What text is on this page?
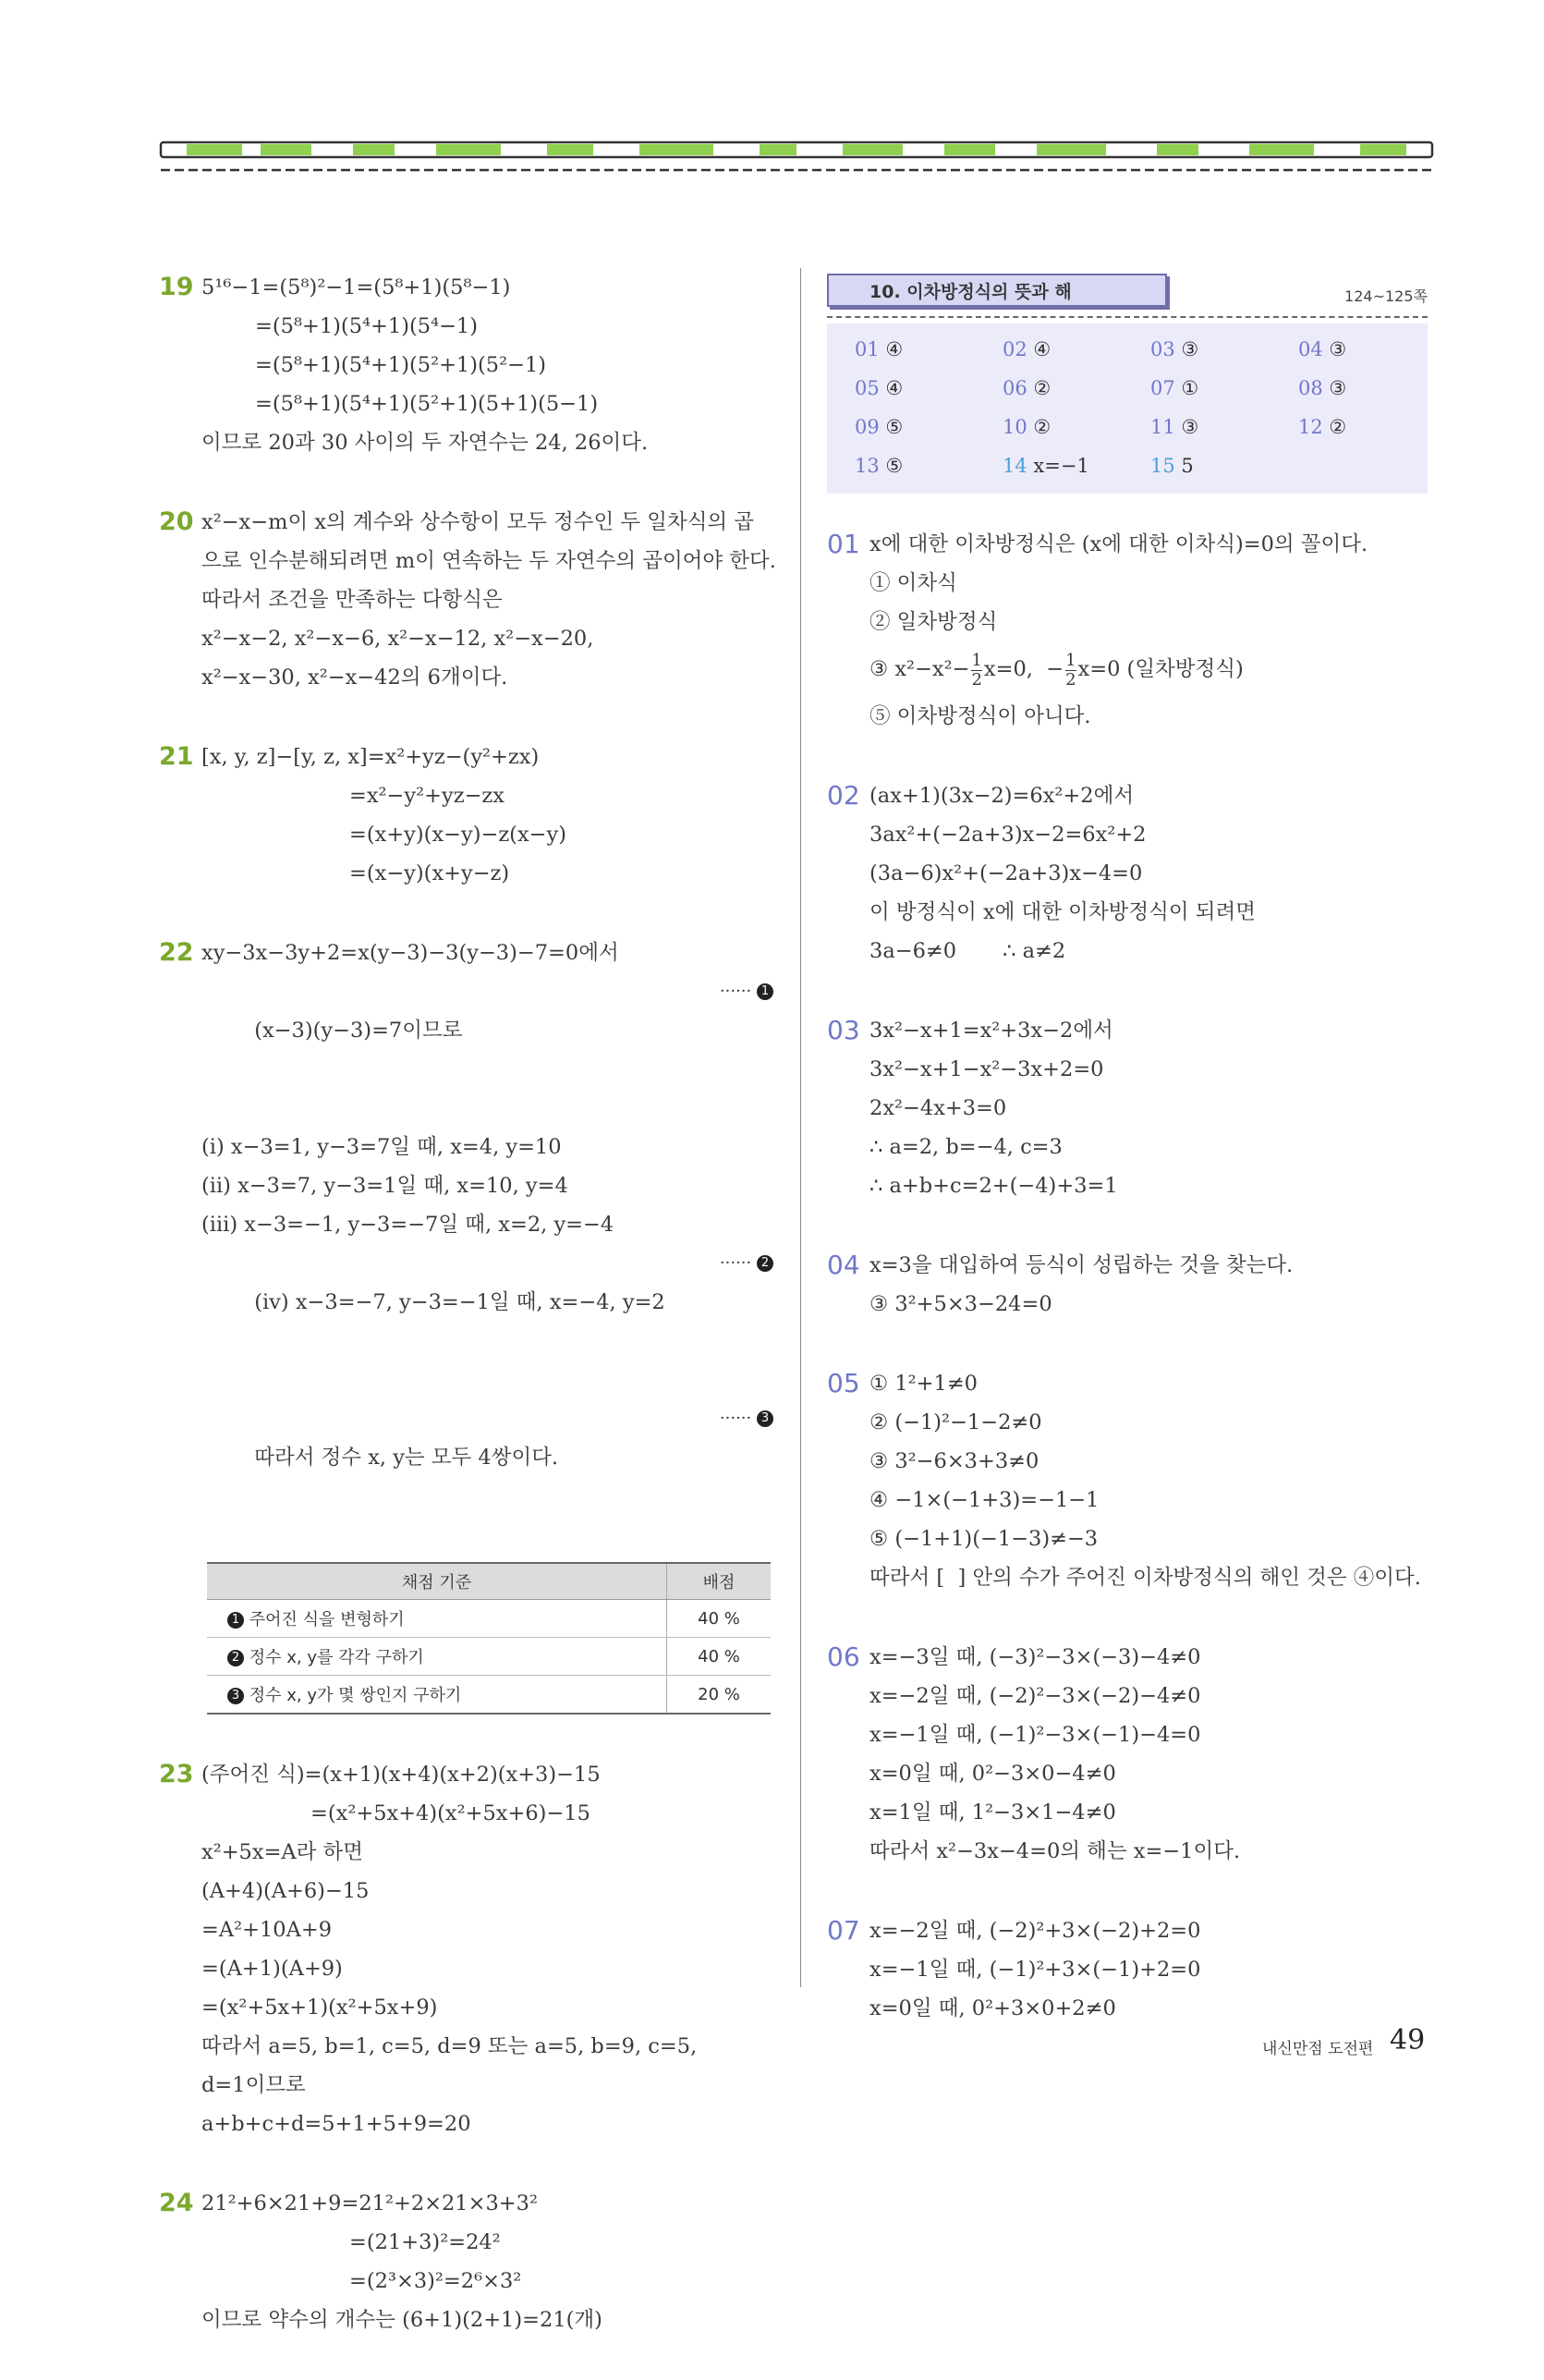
19 5¹⁶−1=(5⁸)²−1=(5⁸+1)(5⁸−1)
=(5⁸+1)(5⁴+1)(5⁴−1)
=(5⁸+1)(5⁴+1)(5²+1)(5²−1)
=(5⁸+1)(5⁴+1)(5²+1)(5+1)(5−1)
이므로 20과 30 사이의 두 자연수는 24, 26이다.
20 x²−x−m이 x의 계수와 상수항이 모두 정수인 두 일차식의 곱
으로 인수분해되려면 m이 연속하는 두 자연수의 곱이어야 한다.
따라서 조건을 만족하는 다항식은
x²−x−2, x²−x−6, x²−x−12, x²−x−20,
x²−x−30, x²−x−42의 6개이다.
21 [x, y, z]−[y, z, x]=x²+yz−(y²+zx)
=x²−y²+yz−zx
=(x+y)(x−y)−z(x−y)
=(x−y)(x+y−z)
22 xy−3x−3y+2=x(y−3)−3(y−3)−7=0에서

(x−3)(y−3)=7이므로

······ 1

(ⅰ) x−3=1, y−3=7일 때, x=4, y=10
(ⅱ) x−3=7, y−3=1일 때, x=10, y=4
(ⅲ) x−3=−1, y−3=−7일 때, x=2, y=−4

(ⅳ) x−3=−7, y−3=−1일 때, x=−4, y=2

······ 2

따라서 정수 x, y는 모두 4쌍이다.

······ 3

채점 기준	배점
1 주어진 식을 변형하기	40 %
2 정수 x, y를 각각 구하기	40 %
3 정수 x, y가 몇 쌍인지 구하기	20 %
23 (주어진 식)=(x+1)(x+4)(x+2)(x+3)−15
=(x²+5x+4)(x²+5x+6)−15
x²+5x=A라 하면
(A+4)(A+6)−15
=A²+10A+9
=(A+1)(A+9)
=(x²+5x+1)(x²+5x+9)
따라서 a=5, b=1, c=5, d=9 또는 a=5, b=9, c=5,
d=1이므로
a+b+c+d=5+1+5+9=20
24 21²+6×21+9=21²+2×21×3+3²
=(21+3)²=24²
=(2³×3)²=2⁶×3²
이므로 약수의 개수는 (6+1)(2+1)=21(개)
10. 이차방정식의 뜻과 해	124~125쪽
01 ④	02 ④	03 ③	04 ③
05 ④	06 ②	07 ①	08 ③
09 ⑤	10 ②	11 ③	12 ②
13 ⑤	14 x=−1	15 5
01 x에 대한 이차방정식은 (x에 대한 이차식)=0의 꼴이다.
① 이차식
② 일차방정식
③ $x^2-x^2- \frac{1}{2} x=0$,  − $\frac{1}{2} x=0$ (일차방정식)
⑤ 이차방정식이 아니다.
02 (ax+1)(3x−2)=6x²+2에서
3ax²+(−2a+3)x−2=6x²+2
(3a−6)x²+(−2a+3)x−4=0
이 방정식이 x에 대한 이차방정식이 되려면
3a−6≠0       ∴ a≠2
03 3x²−x+1=x²+3x−2에서
3x²−x+1−x²−3x+2=0
2x²−4x+3=0
∴ a=2, b=−4, c=3
∴ a+b+c=2+(−4)+3=1
04 x=3을 대입하여 등식이 성립하는 것을 찾는다.
③ 3²+5×3−24=0
05 ① 1²+1≠0
② (−1)²−1−2≠0
③ 3²−6×3+3≠0
④ −1×(−1+3)=−1−1
⑤ (−1+1)(−1−3)≠−3
따라서 [  ] 안의 수가 주어진 이차방정식의 해인 것은 ④이다.
06 x=−3일 때, (−3)²−3×(−3)−4≠0
x=−2일 때, (−2)²−3×(−2)−4≠0
x=−1일 때, (−1)²−3×(−1)−4=0
x=0일 때, 0²−3×0−4≠0
x=1일 때, 1²−3×1−4≠0
따라서 x²−3x−4=0의 해는 x=−1이다.
07 x=−2일 때, (−2)²+3×(−2)+2=0
x=−1일 때, (−1)²+3×(−1)+2=0
x=0일 때, 0²+3×0+2≠0
내신만점 도전편 49
